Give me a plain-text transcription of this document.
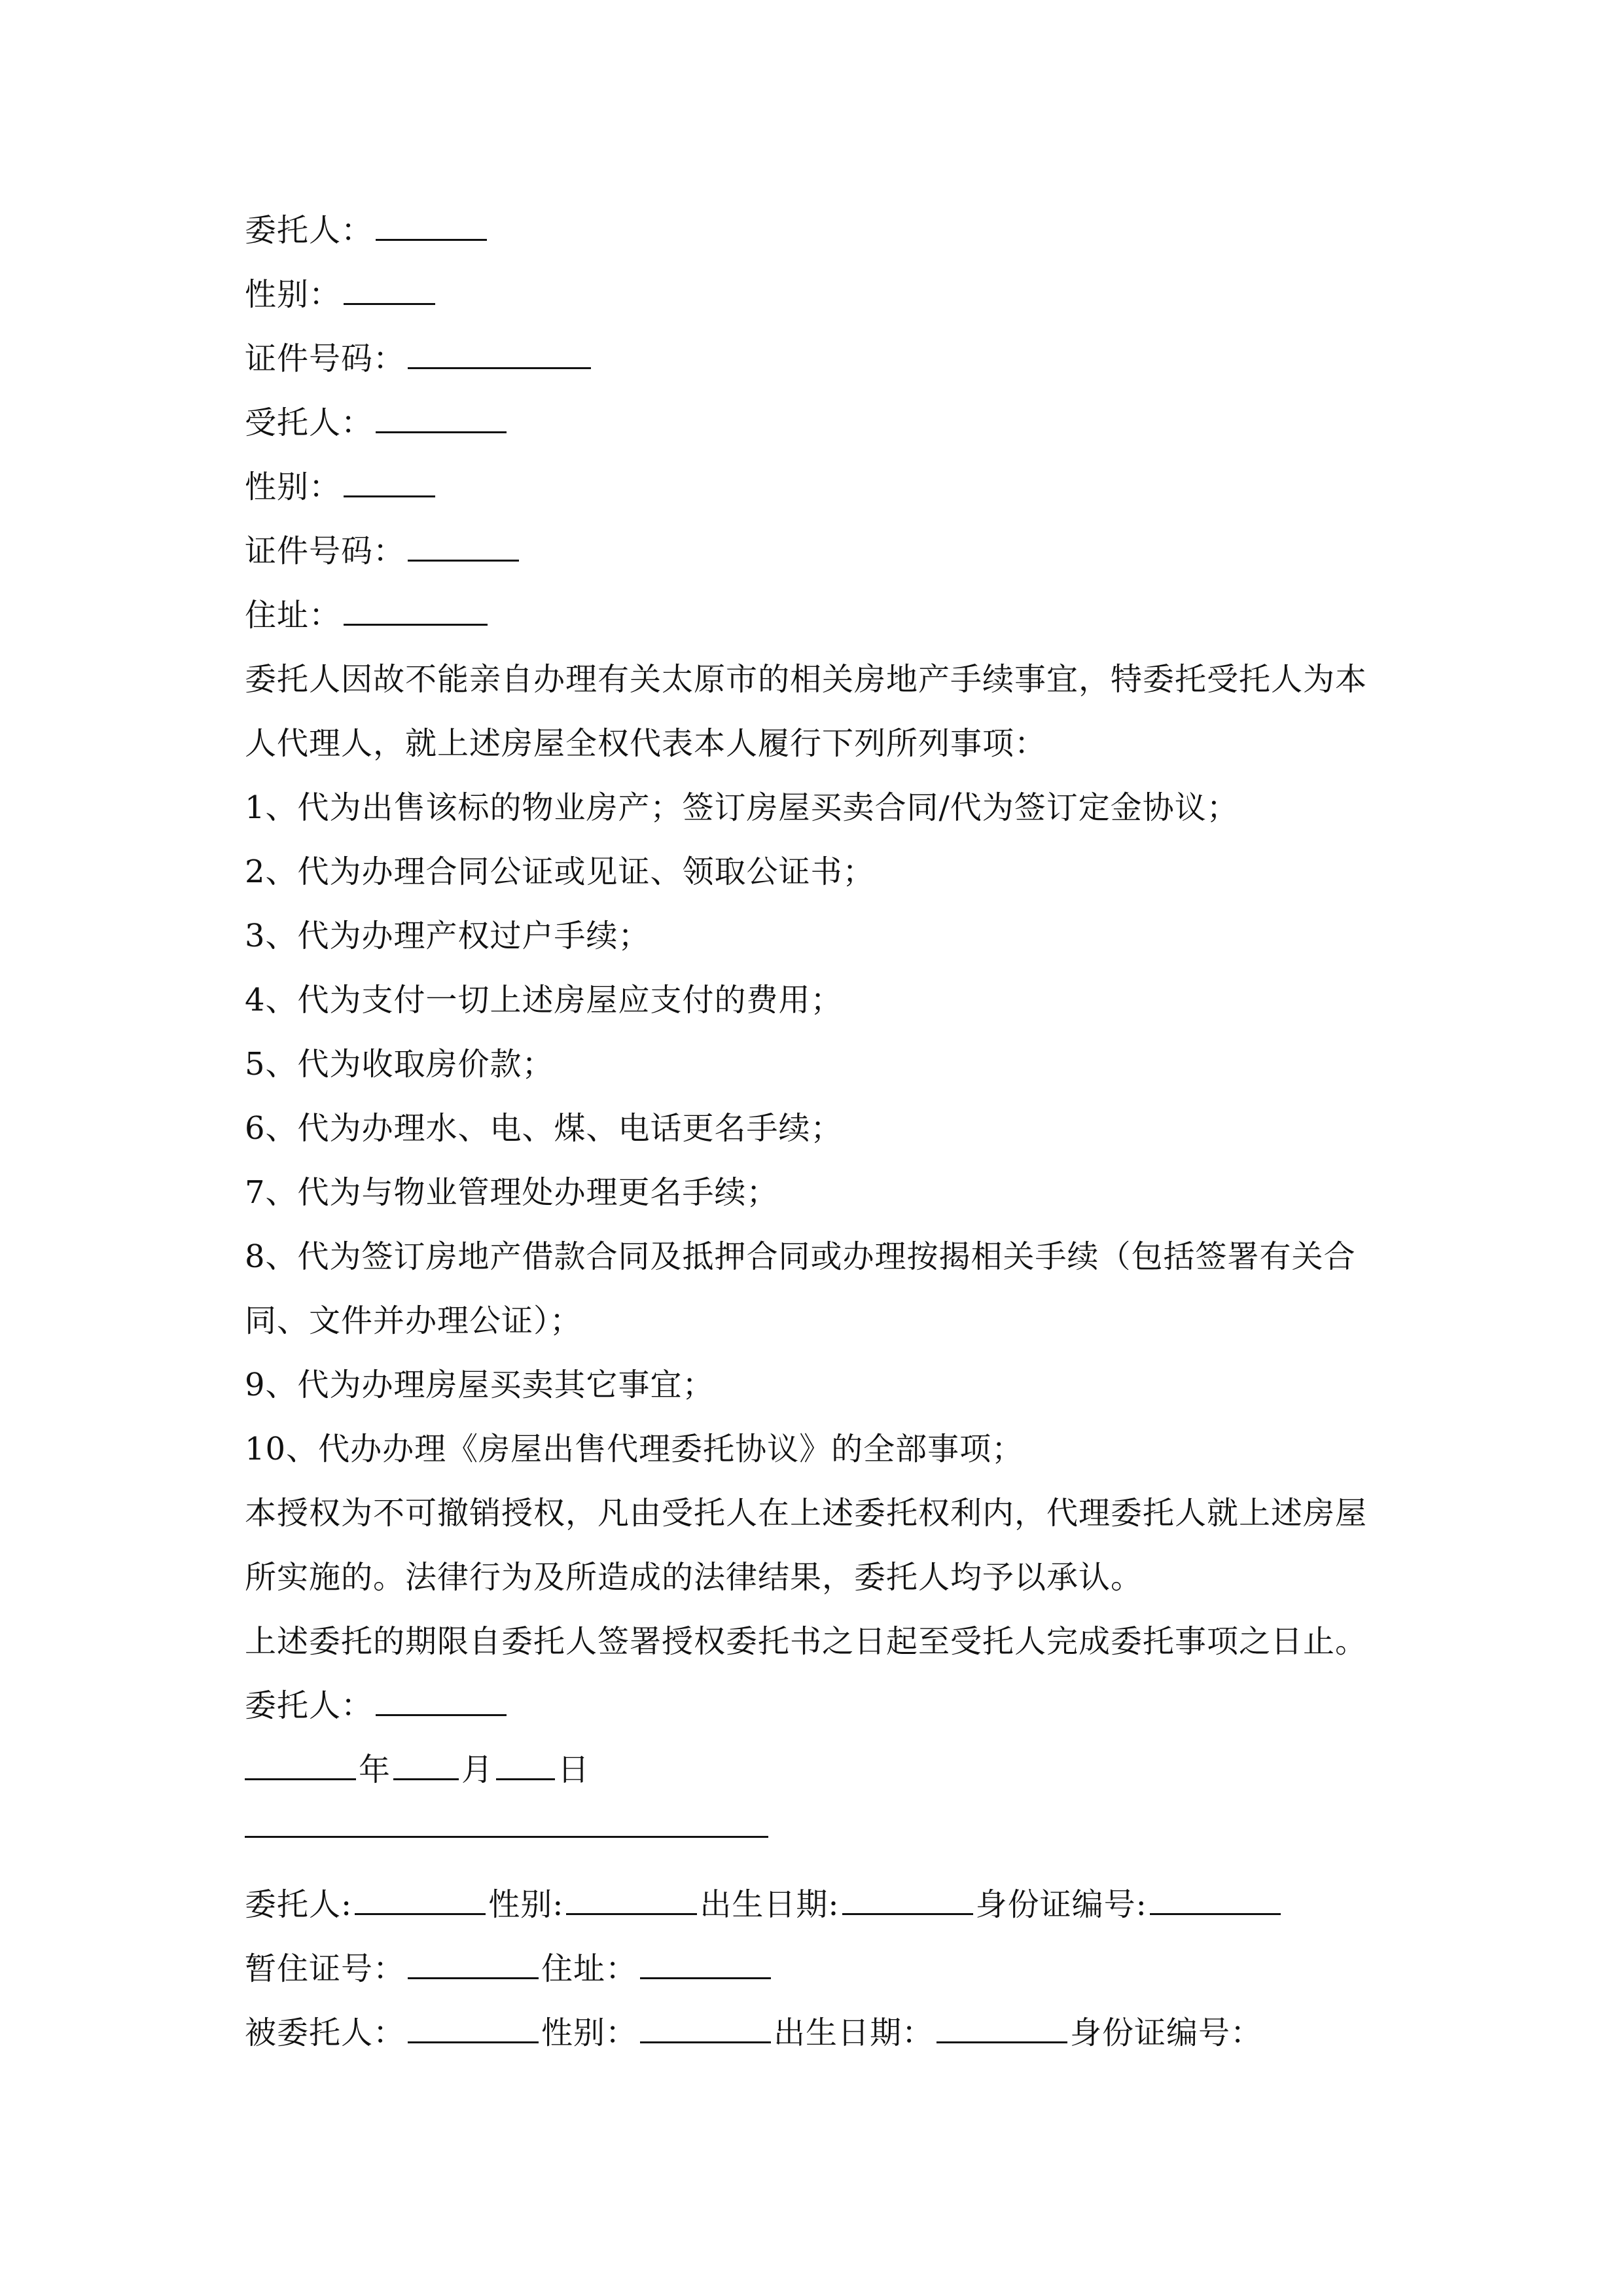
委托人：

性别：

证件号码：

受托人：

性别：

证件号码：

住址：

委托人因故不能亲自办理有关太原市的相关房地产手续事宜，特委托受托人为本

人代理人，就上述房屋全权代表本人履行下列所列事项：

1、代为出售该标的物业房产；签订房屋买卖合同/代为签订定金协议；

2、代为办理合同公证或见证、领取公证书；

3、代为办理产权过户手续；

4、代为支付一切上述房屋应支付的费用；

5、代为收取房价款；

6、代为办理水、电、煤、电话更名手续；

7、代为与物业管理处办理更名手续；

8、代为签订房地产借款合同及抵押合同或办理按揭相关手续（包括签署有关合

同、文件并办理公证）；

9、代为办理房屋买卖其它事宜；

10、代办办理《房屋出售代理委托协议》的全部事项；

本授权为不可撤销授权，凡由受托人在上述委托权利内，代理委托人就上述房屋

所实施的。法律行为及所造成的法律结果，委托人均予以承认。

上述委托的期限自委托人签署授权委托书之日起至受托人完成委托事项之日止。

委托人：

年 月 日

委托人:	性别:	出生日期:	身份证编号:

暂住证号：	住址：

被委托人：	性别：	出生日期：	身份证编号：
